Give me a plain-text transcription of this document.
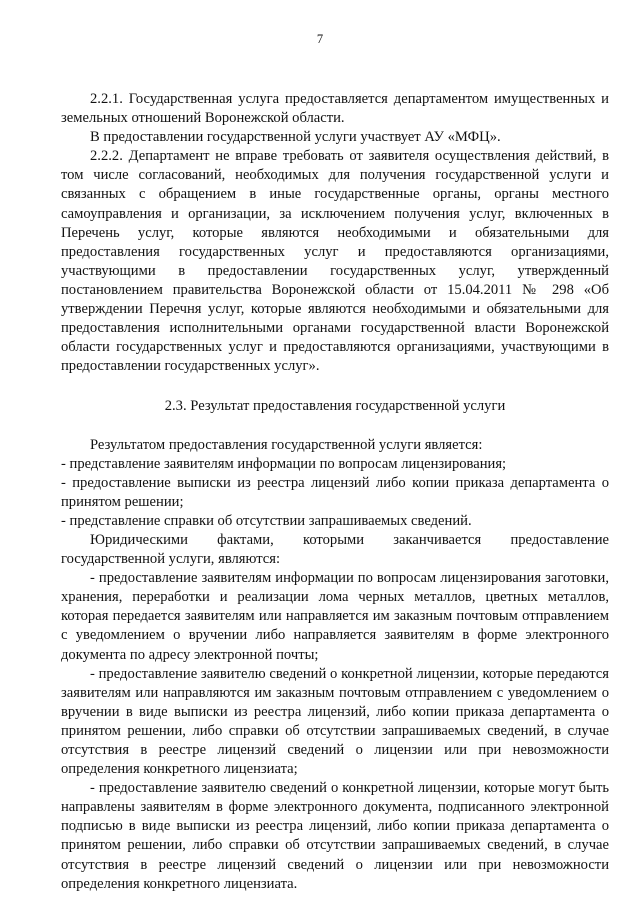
7

2.2.1. Государственная услуга предоставляется департаментом имущественных и земельных отношений Воронежской области.

В предоставлении государственной услуги участвует АУ «МФЦ».

2.2.2. Департамент не вправе требовать от заявителя осуществления действий, в том числе согласований, необходимых для получения государственной услуги и связанных с обращением в иные государственные органы, органы местного самоуправления и организации, за исключением получения услуг, включенных в Перечень услуг, которые являются необходимыми и обязательными для предоставления государственных услуг и предоставляются организациями, участвующими в предоставлении государственных услуг, утвержденный постановлением правительства Воронежской области от 15.04.2011 № 298 «Об утверждении Перечня услуг, которые являются необходимыми и обязательными для предоставления исполнительными органами государственной власти Воронежской области государственных услуг и предоставляются организациями, участвующими в предоставлении государственных услуг».

2.3. Результат предоставления государственной услуги

Результатом предоставления государственной услуги является:

- представление заявителям информации по вопросам лицензирования;

- предоставление выписки из реестра лицензий либо копии приказа департамента о принятом решении;

- представление справки об отсутствии запрашиваемых сведений.

Юридическими фактами, которыми заканчивается предоставление государственной услуги, являются:

- предоставление заявителям информации по вопросам лицензирования заготовки, хранения, переработки и реализации лома черных металлов, цветных металлов, которая передается заявителям или направляется им заказным почтовым отправлением с уведомлением о вручении либо направляется заявителям в форме электронного документа по адресу электронной почты;

- предоставление заявителю сведений о конкретной лицензии, которые передаются заявителям или направляются им заказным почтовым отправлением с уведомлением о вручении в виде выписки из реестра лицензий, либо копии приказа департамента о принятом решении, либо справки об отсутствии запрашиваемых сведений, в случае отсутствия в реестре лицензий сведений о лицензии или при невозможности определения конкретного лицензиата;

- предоставление заявителю сведений о конкретной лицензии, которые могут быть направлены заявителям в форме электронного документа, подписанного электронной подписью в виде выписки из реестра лицензий, либо копии приказа департамента о принятом решении, либо справки об отсутствии запрашиваемых сведений, в случае отсутствия в реестре лицензий сведений о лицензии или при невозможности определения конкретного лицензиата.
